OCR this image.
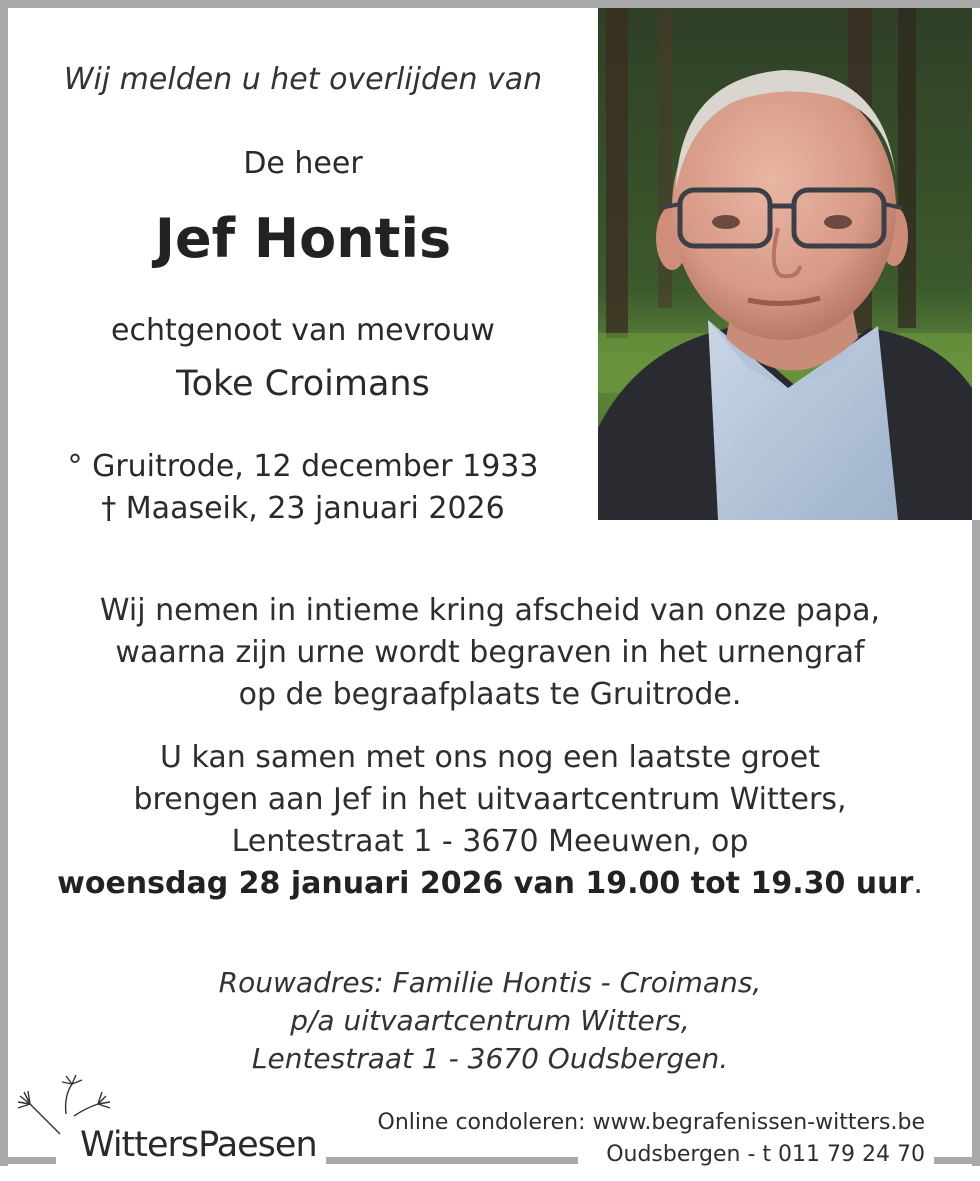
Wij melden u het overlijden van
De heer
Jef Hontis
echtgenoot van mevrouw
Toke Croimans
° Gruitrode, 12 december 1933
† Maaseik, 23 januari 2026
Wij nemen in intieme kring afscheid van onze papa,
waarna zijn urne wordt begraven in het urnengraf
op de begraafplaats te Gruitrode.
U kan samen met ons nog een laatste groet
brengen aan Jef in het uitvaartcentrum Witters,
Lentestraat 1 - 3670 Meeuwen, op
woensdag 28 januari 2026 van 19.00 tot 19.30 uur.
Rouwadres: Familie Hontis - Croimans,
p/a uitvaartcentrum Witters,
Lentestraat 1 - 3670 Oudsbergen.
WittersPaesen
Online condoleren: www.begrafenissen-witters.be
Oudsbergen - t 011 79 24 70
